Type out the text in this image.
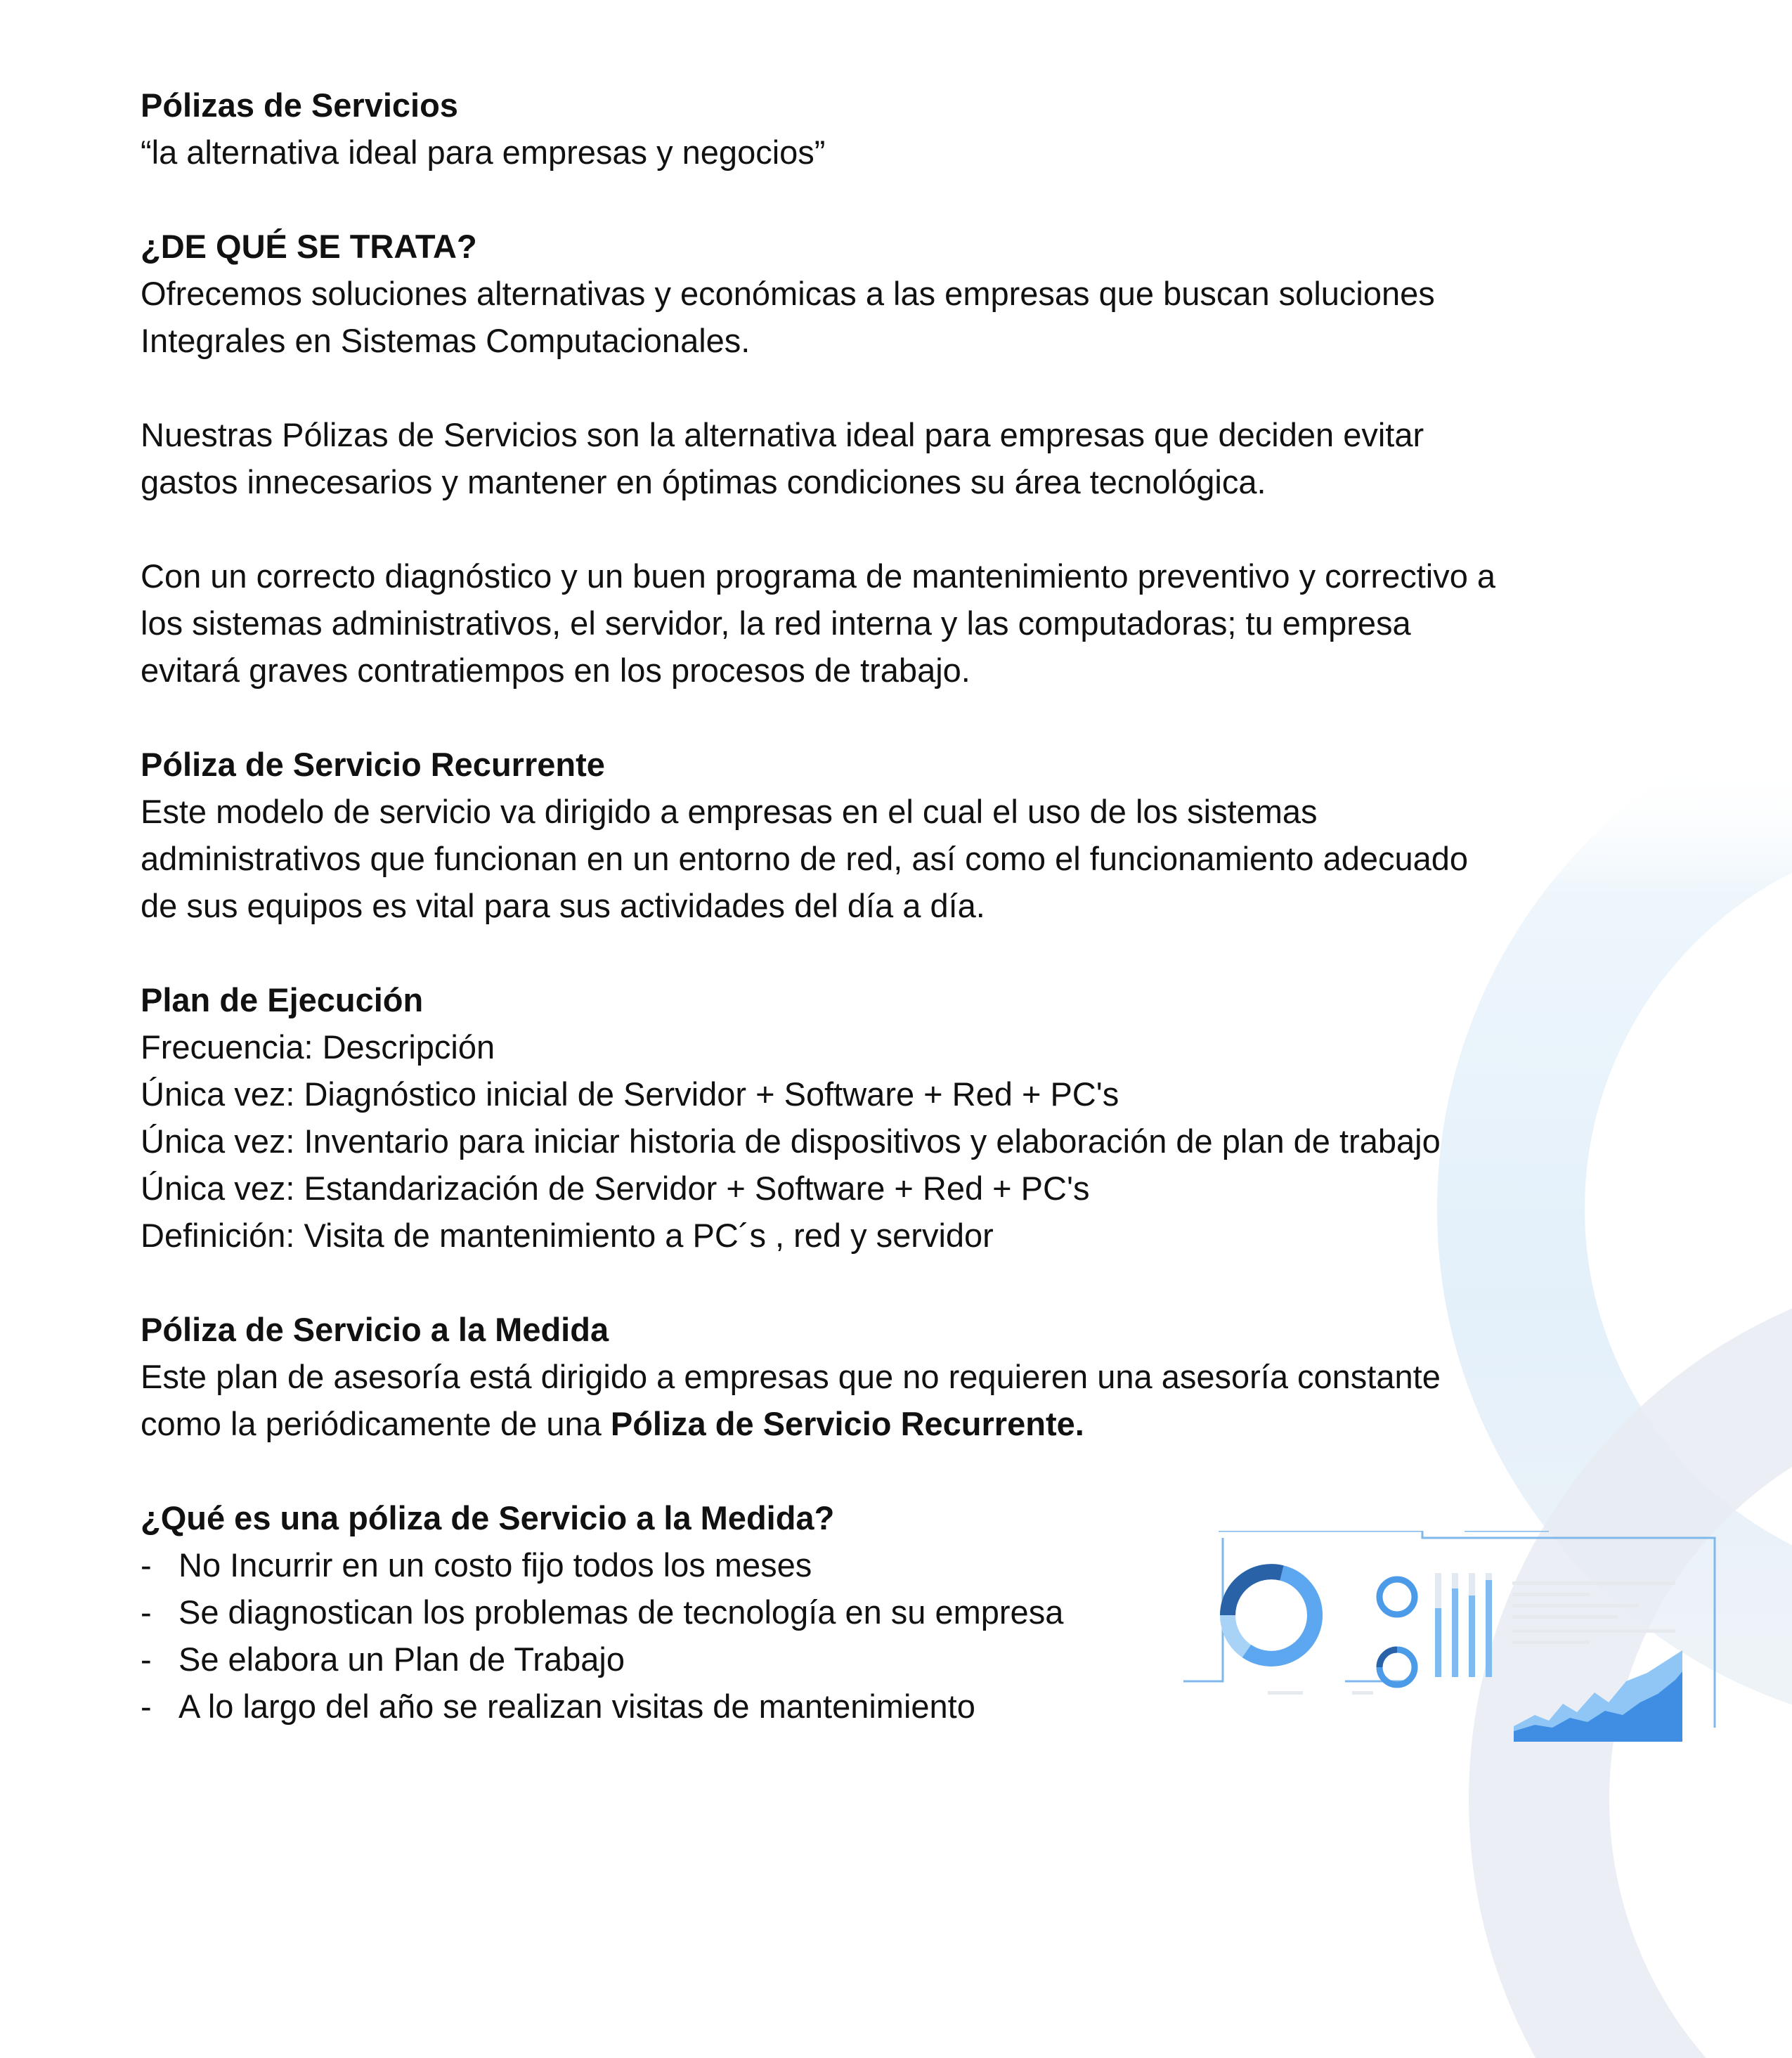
Pólizas de Servicios

“la alternativa ideal para empresas y negocios”

¿DE QUÉ SE TRATA?

Ofrecemos soluciones alternativas y económicas a las empresas que buscan soluciones

Integrales en Sistemas Computacionales.

Nuestras Pólizas de Servicios son la alternativa ideal para empresas que deciden evitar

gastos innecesarios y mantener en óptimas condiciones su área tecnológica.

Con un correcto diagnóstico y un buen programa de mantenimiento preventivo y correctivo a

los sistemas administrativos, el servidor, la red interna y las computadoras; tu empresa

evitará graves contratiempos en los procesos de trabajo.

Póliza de Servicio Recurrente

Este modelo de servicio va dirigido a empresas en el cual el uso de los sistemas

administrativos que funcionan en un entorno de red, así como el funcionamiento adecuado

de sus equipos es vital para sus actividades del día a día.

Plan de Ejecución

Frecuencia: Descripción

Única vez: Diagnóstico inicial de Servidor + Software + Red + PC's

Única vez: Inventario para iniciar historia de dispositivos y elaboración de plan de trabajo

Única vez: Estandarización de Servidor + Software + Red + PC's

Definición: Visita de mantenimiento a PC´s , red y servidor

Póliza de Servicio a la Medida

Este plan de asesoría está dirigido a empresas que no requieren una asesoría constante

como la periódicamente de una Póliza de Servicio Recurrente.

¿Qué es una póliza de Servicio a la Medida?

- No Incurrir en un costo fijo todos los meses
- Se diagnostican los problemas de tecnología en su empresa
- Se elabora un Plan de Trabajo
- A lo largo del año se realizan visitas de mantenimiento
